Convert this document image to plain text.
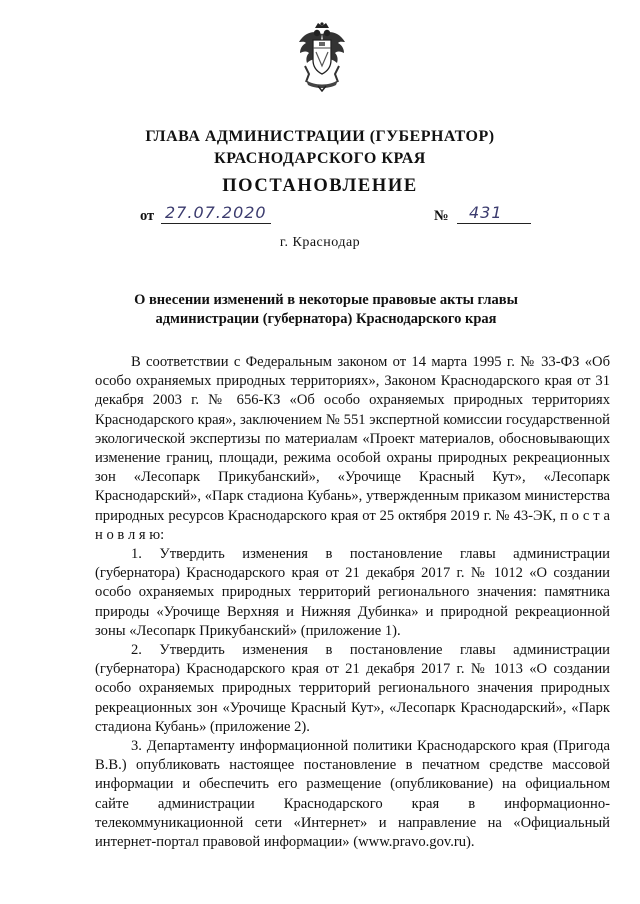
ГЛАВА АДМИНИСТРАЦИИ (ГУБЕРНАТОР)
КРАСНОДАРСКОГО КРАЯ
ПОСТАНОВЛЕНИЕ
от 27.07.2020	№ 431
г. Краснодар
О внесении изменений в некоторые правовые акты главы администрации (губернатора) Краснодарского края

В соответствии с Федеральным законом от 14 марта 1995 г. № 33-ФЗ «Об особо охраняемых природных территориях», Законом Краснодарского края от 31 декабря 2003 г. № 656-КЗ «Об особо охраняемых природных территориях Краснодарского края», заключением № 551 экспертной комиссии государственной экологической экспертизы по материалам «Проект материалов, обосновывающих изменение границ, площади, режима особой охраны природных рекреационных зон «Лесопарк Прикубанский», «Урочище Красный Кут», «Лесопарк Краснодарский», «Парк стадиона Кубань», утвержденным приказом министерства природных ресурсов Краснодарского края от 25 октября 2019 г. № 43-ЭК, п о с т а н о в л я ю:

1. Утвердить изменения в постановление главы администрации (губернатора) Краснодарского края от 21 декабря 2017 г. № 1012 «О создании особо охраняемых природных территорий регионального значения: памятника природы «Урочище Верхняя и Нижняя Дубинка» и природной рекреационной зоны «Лесопарк Прикубанский» (приложение 1).

2. Утвердить изменения в постановление главы администрации (губернатора) Краснодарского края от 21 декабря 2017 г. № 1013 «О создании особо охраняемых природных территорий регионального значения природных рекреационных зон «Урочище Красный Кут», «Лесопарк Краснодарский», «Парк стадиона Кубань» (приложение 2).

3. Департаменту информационной политики Краснодарского края (Пригода В.В.) опубликовать настоящее постановление в печатном средстве массовой информации и обеспечить его размещение (опубликование) на официальном сайте администрации Краснодарского края в информационно-телекоммуникационной сети «Интернет» и направление на «Официальный интернет-портал правовой информации» (www.pravo.gov.ru).
